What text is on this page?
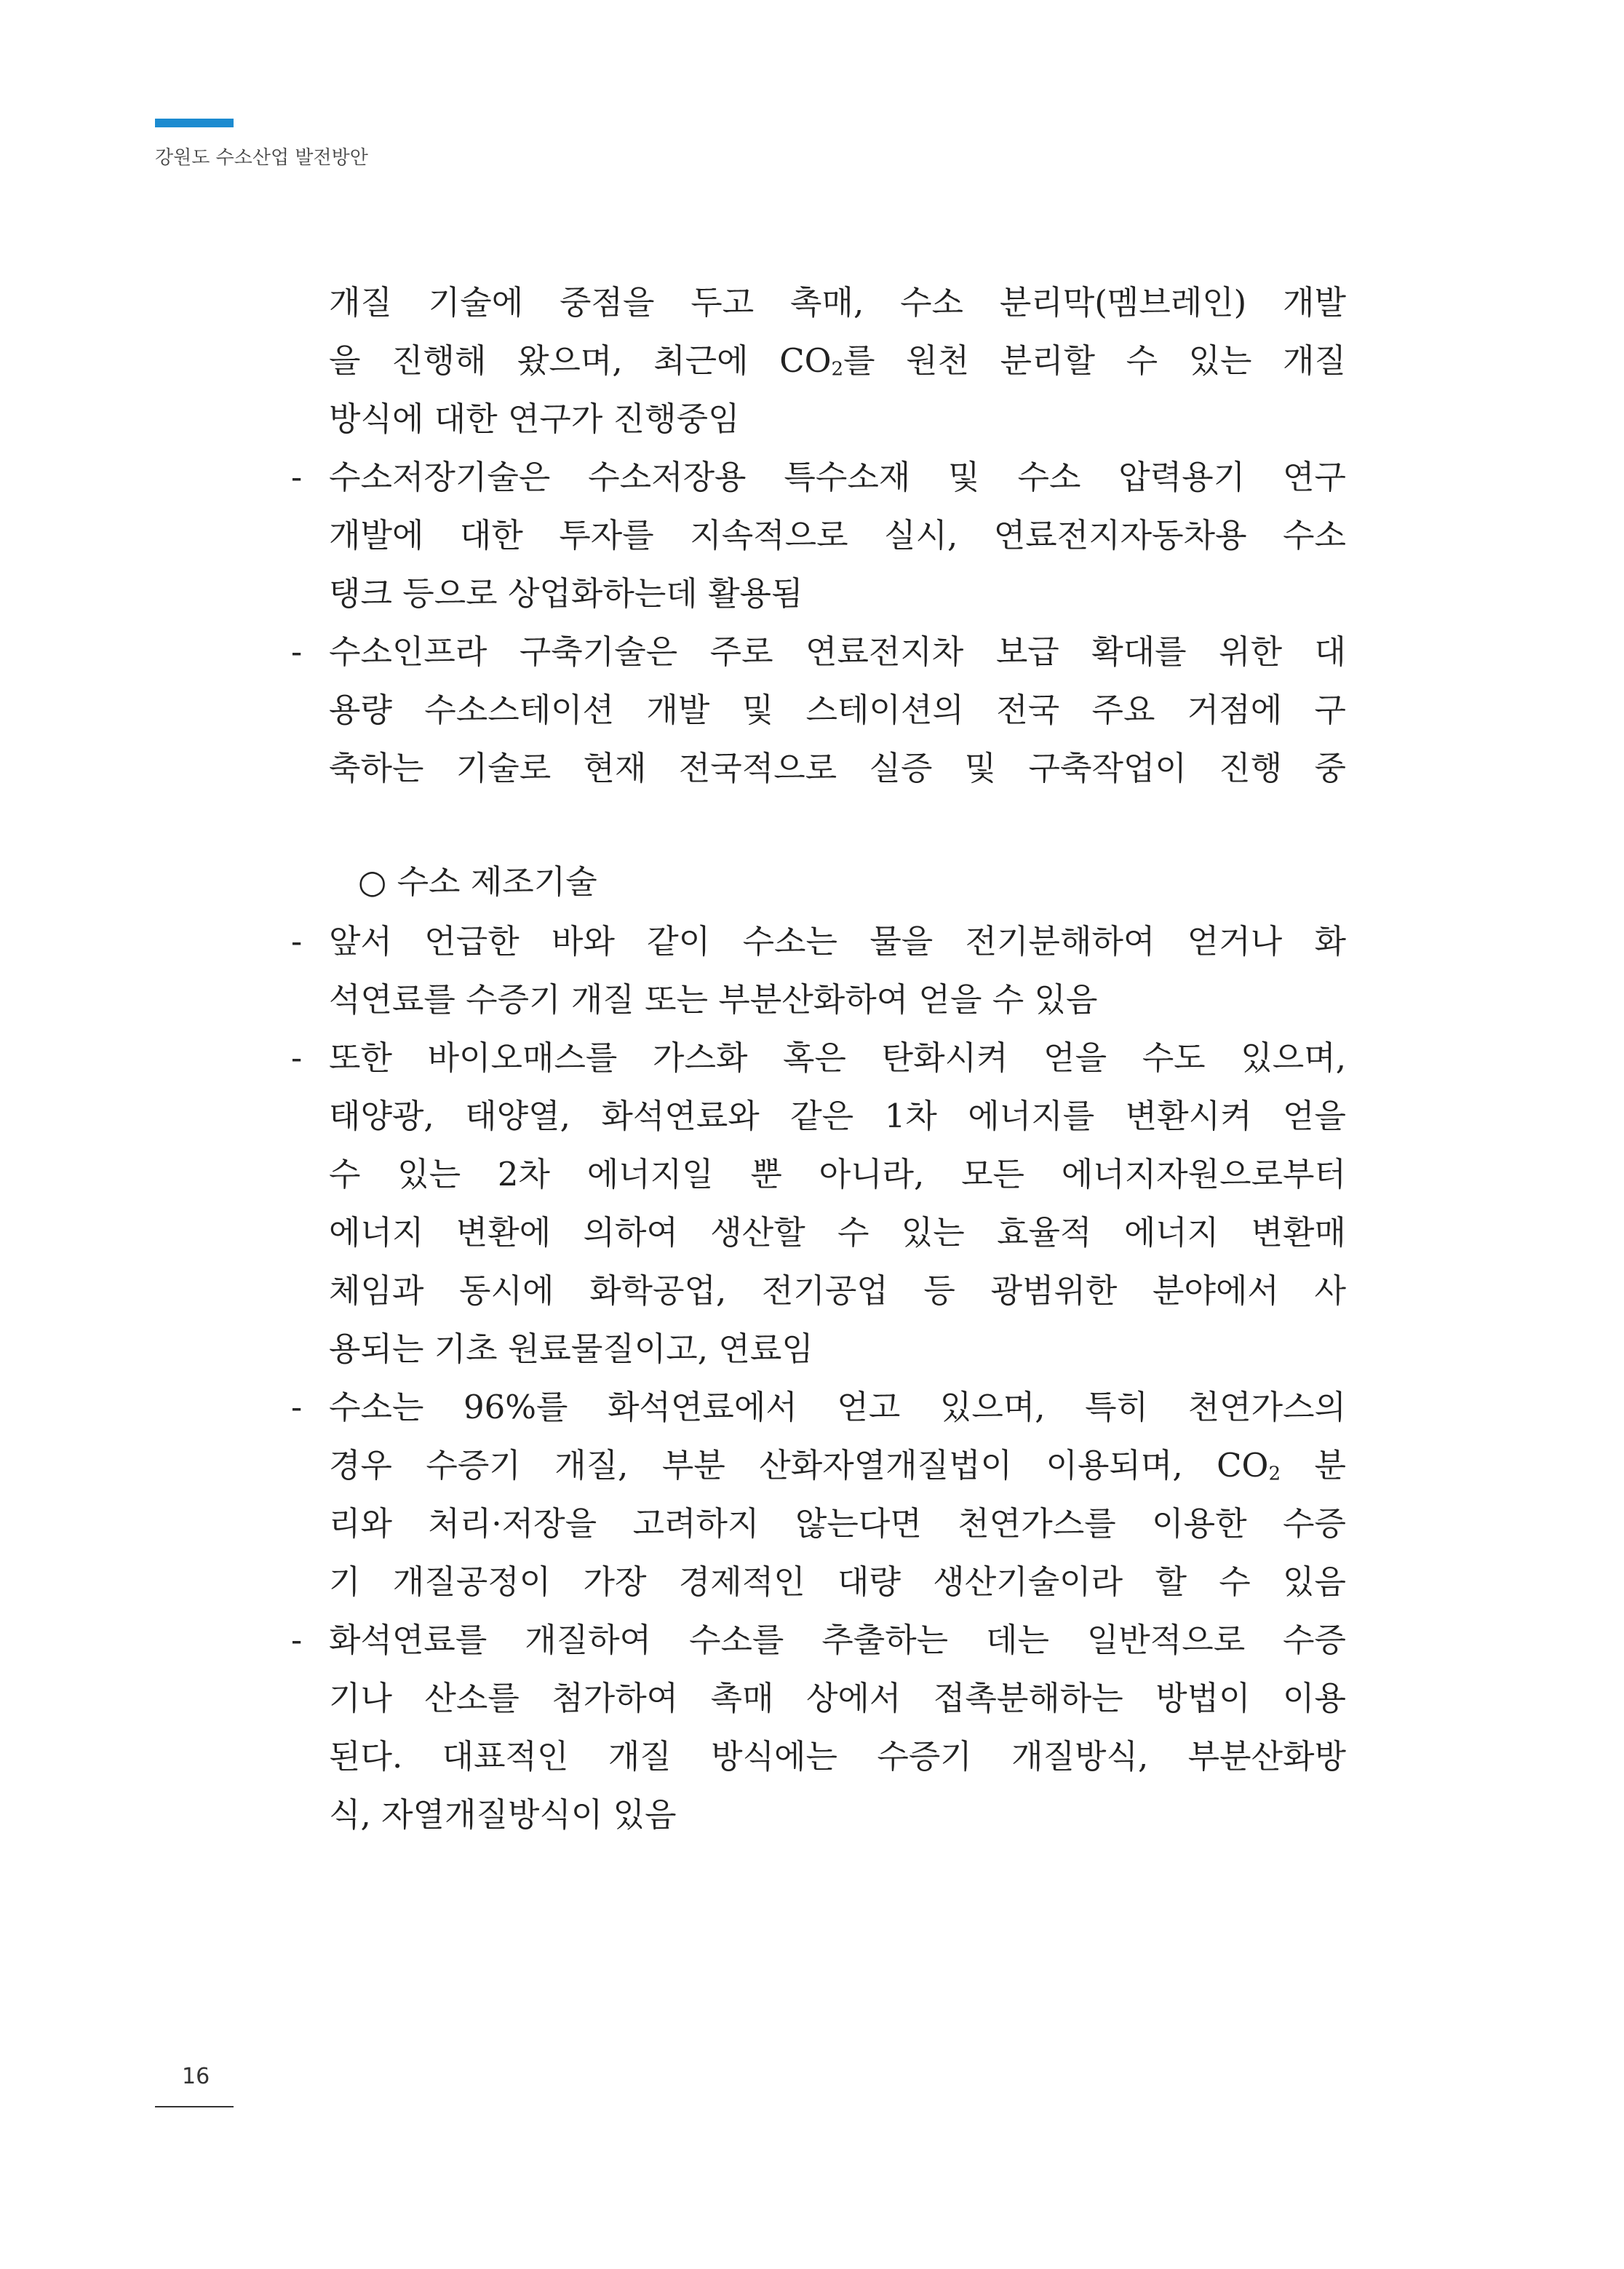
강원도 수소산업 발전방안
개질 기술에 중점을 두고 촉매, 수소 분리막(멤브레인) 개발
을 진행해 왔으며, 최근에 $CO_2$를 원천 분리할 수 있는 개질
방식에 대한 연구가 진행중임
- 수소저장기술은 수소저장용 특수소재 및 수소 압력용기 연구
개발에 대한 투자를 지속적으로 실시, 연료전지자동차용 수소
탱크 등으로 상업화하는데 활용됨
- 수소인프라 구축기술은 주로 연료전지차 보급 확대를 위한 대
용량 수소스테이션 개발 및 스테이션의 전국 주요 거점에 구
축하는 기술로 현재 전국적으로 실증 및 구축작업이 진행 중
○ 수소 제조기술
- 앞서 언급한 바와 같이 수소는 물을 전기분해하여 얻거나 화
석연료를 수증기 개질 또는 부분산화하여 얻을 수 있음
- 또한 바이오매스를 가스화 혹은 탄화시켜 얻을 수도 있으며,
태양광, 태양열, 화석연료와 같은 1차 에너지를 변환시켜 얻을
수 있는 2차 에너지일 뿐 아니라, 모든 에너지자원으로부터
에너지 변환에 의하여 생산할 수 있는 효율적 에너지 변환매
체임과 동시에 화학공업, 전기공업 등 광범위한 분야에서 사
용되는 기초 원료물질이고, 연료임
- 수소는 96%를 화석연료에서 얻고 있으며, 특히 천연가스의
경우 수증기 개질, 부분 산화자열개질법이 이용되며, $CO_2$ 분
리와 처리·저장을 고려하지 않는다면 천연가스를 이용한 수증
기 개질공정이 가장 경제적인 대량 생산기술이라 할 수 있음
- 화석연료를 개질하여 수소를 추출하는 데는 일반적으로 수증
기나 산소를 첨가하여 촉매 상에서 접촉분해하는 방법이 이용
된다. 대표적인 개질 방식에는 수증기 개질방식, 부분산화방
식, 자열개질방식이 있음
16
